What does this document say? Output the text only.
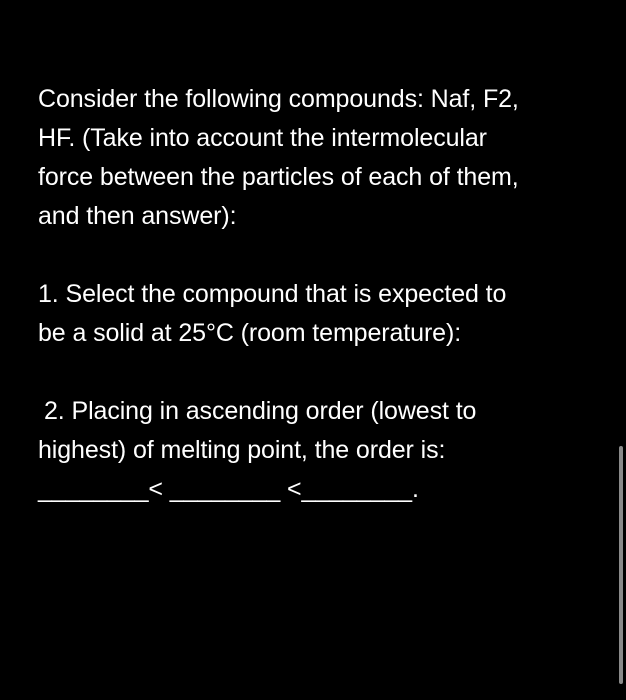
Consider the following compounds: Naf, F2,
HF. (Take into account the intermolecular
force between the particles of each of them,
and then answer):

1. Select the compound that is expected to
be a solid at 25°C (room temperature):

2. Placing in ascending order (lowest to
highest) of melting point, the order is:
________< ________ <________.
